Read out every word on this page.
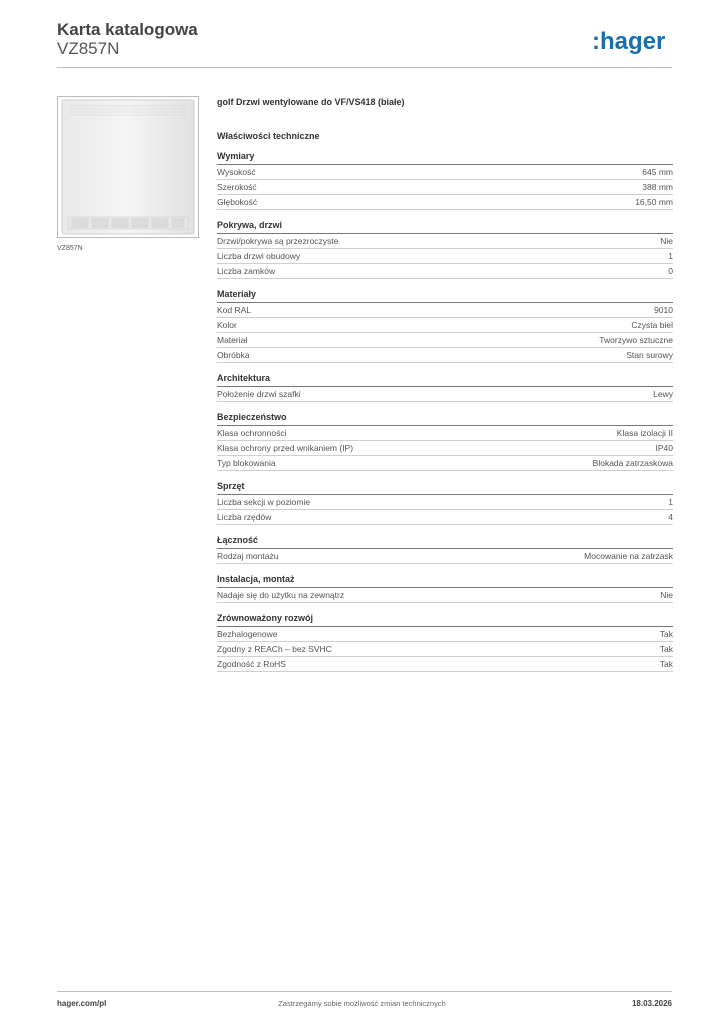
Karta katalogowa
VZ857N	:hager
VZ857N
golf Drzwi wentylowane do VF/VS418 (białe)
Właściwości techniczne
Wymiary
Wysokość	645 mm
Szerokość	388 mm
Głębokość	16,50 mm
Pokrywa, drzwi
Drzwi/pokrywa są przezroczyste	Nie
Liczba drzwi obudowy	1
Liczba zamków	0
Materiały
Kod RAL	9010
Kolor	Czysta biel
Materiał	Tworzywo sztuczne
Obróbka	Stan surowy
Architektura
Położenie drzwi szafki	Lewy
Bezpieczeństwo
Klasa ochronności	Klasa izolacji II
Klasa ochrony przed wnikaniem (IP)	IP40
Typ blokowania	Blokada zatrzaskowa
Sprzęt
Liczba sekcji w poziomie	1
Liczba rzędów	4
Łączność
Rodzaj montażu	Mocowanie na zatrzask
Instalacja, montaż
Nadaje się do użytku na zewnątrz	Nie
Zrównoważony rozwój
Bezhalogenowe	Tak
Zgodny z REACh – bez SVHC	Tak
Zgodność z RoHS	Tak
hager.com/pl	Zastrzegamy sobie możliwość zmian technicznych	18.03.2026
